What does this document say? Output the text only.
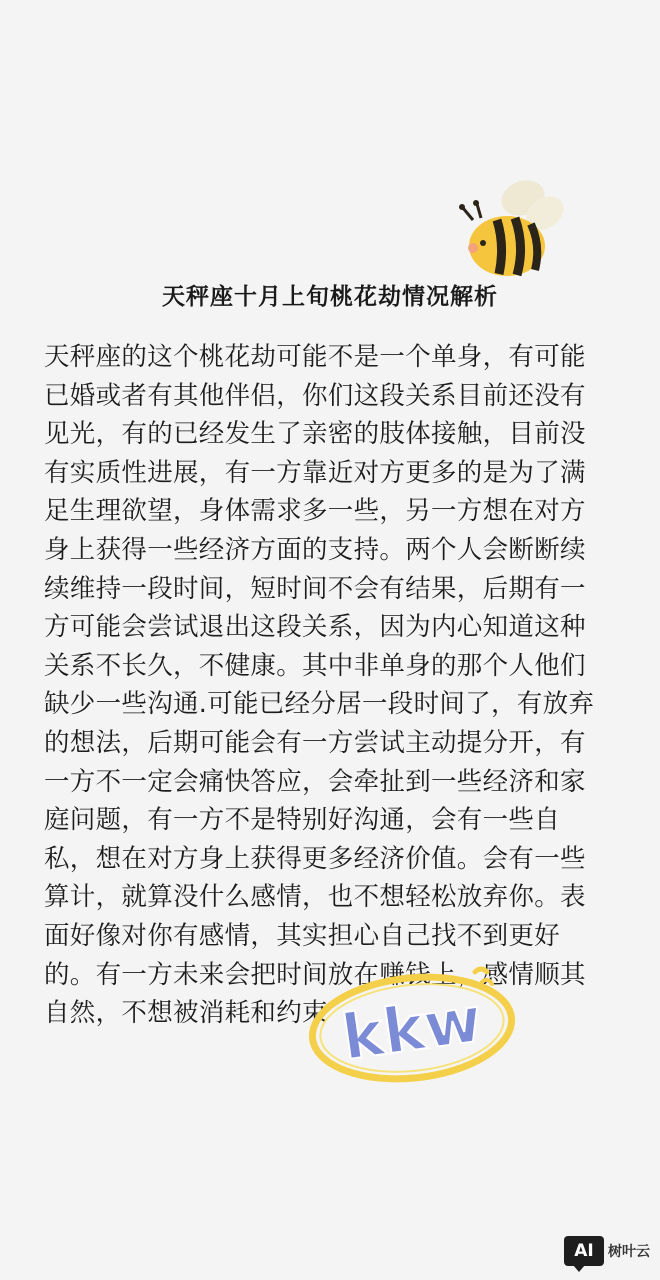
天秤座十月上旬桃花劫情况解析
天秤座的这个桃花劫可能不是一个单身，有可能
已婚或者有其他伴侣，你们这段关系目前还没有
见光，有的已经发生了亲密的肢体接触，目前没
有实质性进展，有一方靠近对方更多的是为了满
足生理欲望，身体需求多一些，另一方想在对方
身上获得一些经济方面的支持。两个人会断断续
续维持一段时间，短时间不会有结果，后期有一
方可能会尝试退出这段关系，因为内心知道这种
关系不长久，不健康。其中非单身的那个人他们
缺少一些沟通.可能已经分居一段时间了，有放弃
的想法，后期可能会有一方尝试主动提分开，有
一方不一定会痛快答应，会牵扯到一些经济和家
庭问题，有一方不是特别好沟通，会有一些自
私，想在对方身上获得更多经济价值。会有一些
算计，就算没什么感情，也不想轻松放弃你。表
面好像对你有感情，其实担心自己找不到更好
的。有一方未来会把时间放在赚钱上，感情顺其
自然，不想被消耗和约束 kkw
AI	树叶云
